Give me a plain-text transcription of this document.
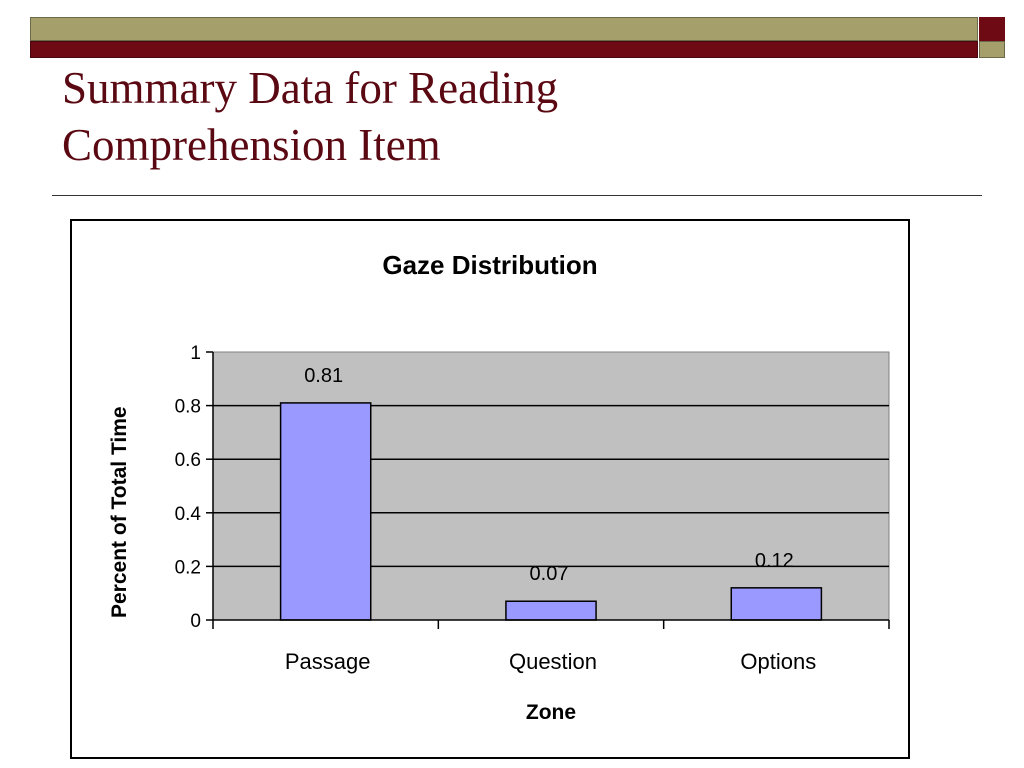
Summary Data for Reading
Comprehension Item
Gaze Distribution
0.81
0.07
0.12
0
0.2
0.4
0.6
0.8
1
Passage	Question	Options
Zone
Percent of Total Time
